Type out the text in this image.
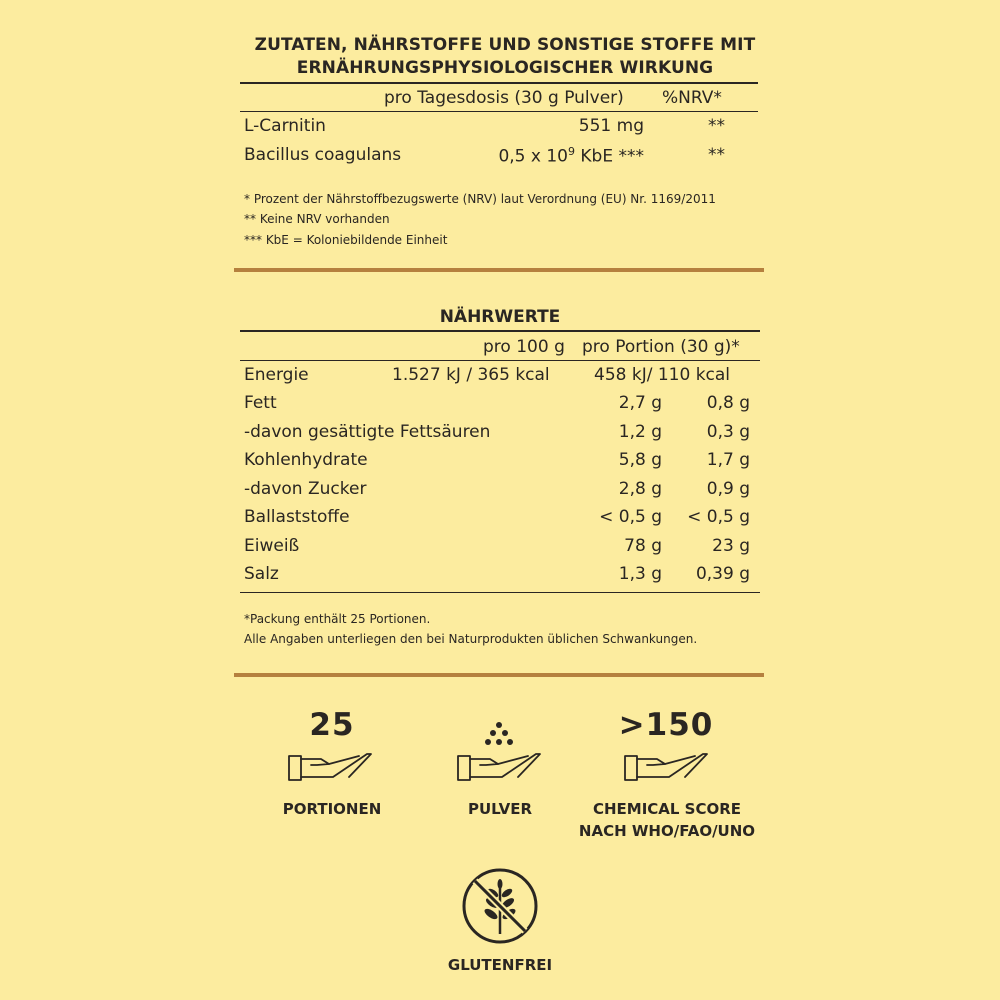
ZUTATEN, NÄHRSTOFFE UND SONSTIGE STOFFE MIT ERNÄHRUNGSPHYSIOLOGISCHER WIRKUNG
pro Tagesdosis (30 g Pulver) %NRV*
L-Carnitin	551 mg	**
Bacillus coagulans	0,5 x $10^9$ KbE ***	**
* Prozent der Nährstoffbezugswerte (NRV) laut Verordnung (EU) Nr. 1169/2011
** Keine NRV vorhanden
*** KbE = Koloniebildende Einheit
NÄHRWERTE
pro 100 g pro Portion (30 g)*
Energie	1.527 kJ / 365 kcal	458 kJ/ 110 kcal
Fett	2,7 g	0,8 g
-davon gesättigte Fettsäuren	1,2 g	0,3 g
Kohlenhydrate	5,8 g	1,7 g
-davon Zucker	2,8 g	0,9 g
Ballaststoffe	< 0,5 g	< 0,5 g
Eiweiß	78 g	23 g
Salz	1,3 g	0,39 g
*Packung enthält 25 Portionen.
Alle Angaben unterliegen den bei Naturprodukten üblichen Schwankungen.
25
PORTIONEN	PULVER
>150
CHEMICAL SCORE
NACH WHO/FAO/UNO
GLUTENFREI
